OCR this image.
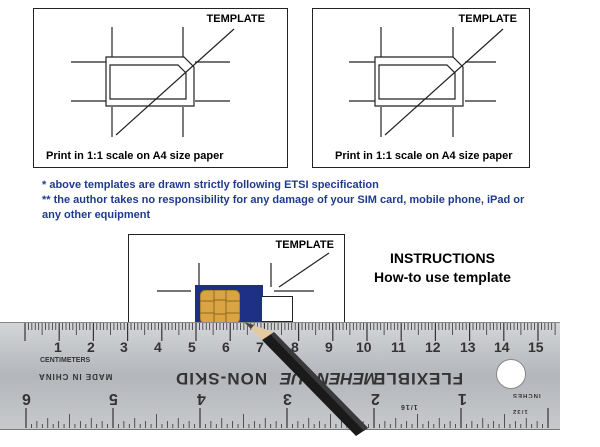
TEMPLATE
Print in 1:1 scale on A4 size paper
TEMPLATE
Print in 1:1 scale on A4 size paper
* above templates are drawn strictly following ETSI specification
** the author takes no responsibility for any damage of your SIM card, mobile phone, iPad or
any other equipment
TEMPLATE
INSTRUCTIONS
How-to use template
1 2 3 4 5 6 7 8 9 10 11 12 13 14 15
CENTIMETERS
MADE IN CHINA	NON-SKID MEHENGUE
FLEXIBLE
6	5	4	3	2	1
1/16
1/32
INCHES
